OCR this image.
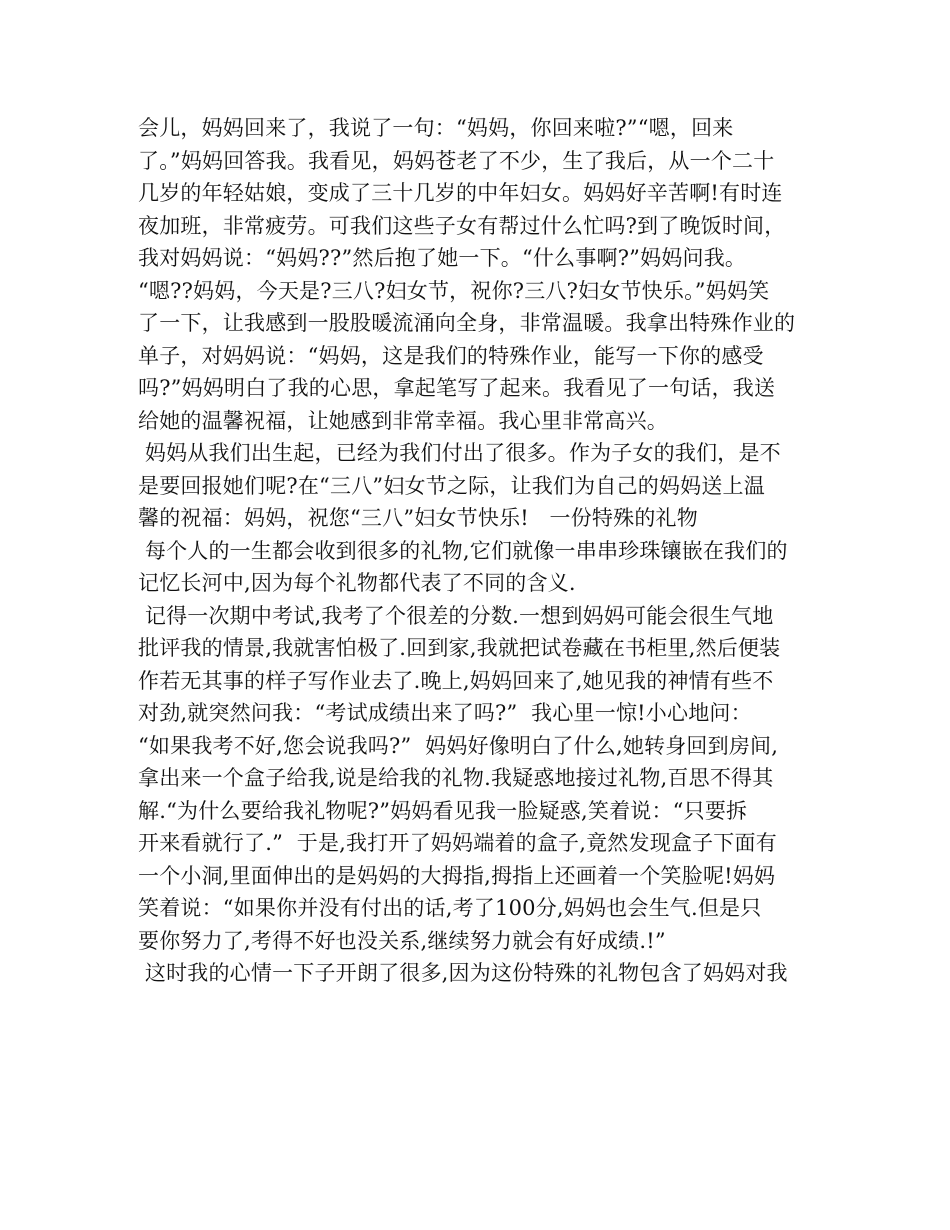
会儿，妈妈回来了，我说了一句：“妈妈，你回来啦?”“嗯，回来
了。”妈妈回答我。我看见，妈妈苍老了不少，生了我后，从一个二十
几岁的年轻姑娘，变成了三十几岁的中年妇女。妈妈好辛苦啊!有时连
夜加班，非常疲劳。可我们这些子女有帮过什么忙吗?到了晚饭时间，
我对妈妈说：“妈妈??”然后抱了她一下。“什么事啊?”妈妈问我。
“嗯??妈妈，今天是?三八?妇女节，祝你?三八?妇女节快乐。”妈妈笑
了一下，让我感到一股股暖流涌向全身，非常温暖。我拿出特殊作业的
单子，对妈妈说：“妈妈，这是我们的特殊作业，能写一下你的感受
吗?”妈妈明白了我的心思，拿起笔写了起来。我看见了一句话，我送
给她的温馨祝福，让她感到非常幸福。我心里非常高兴。
妈妈从我们出生起，已经为我们付出了很多。作为子女的我们，是不
是要回报她们呢?在“三八”妇女节之际，让我们为自己的妈妈送上温
馨的祝福：妈妈，祝您“三八”妇女节快乐!   一份特殊的礼物
每个人的一生都会收到很多的礼物,它们就像一串串珍珠镶嵌在我们的
记忆长河中,因为每个礼物都代表了不同的含义.
记得一次期中考试,我考了个很差的分数.一想到妈妈可能会很生气地
批评我的情景,我就害怕极了.回到家,我就把试卷藏在书柜里,然后便装
作若无其事的样子写作业去了.晚上,妈妈回来了,她见我的神情有些不
对劲,就突然问我：“考试成绩出来了吗?”  我心里一惊!小心地问：
“如果我考不好,您会说我吗?”  妈妈好像明白了什么,她转身回到房间,
拿出来一个盒子给我,说是给我的礼物.我疑惑地接过礼物,百思不得其
解.“为什么要给我礼物呢?”妈妈看见我一脸疑惑,笑着说：“只要拆
开来看就行了.”  于是,我打开了妈妈端着的盒子,竟然发现盒子下面有
一个小洞,里面伸出的是妈妈的大拇指,拇指上还画着一个笑脸呢!妈妈
笑着说：“如果你并没有付出的话,考了100分,妈妈也会生气.但是只
要你努力了,考得不好也没关系,继续努力就会有好成绩.!”
这时我的心情一下子开朗了很多,因为这份特殊的礼物包含了妈妈对我
